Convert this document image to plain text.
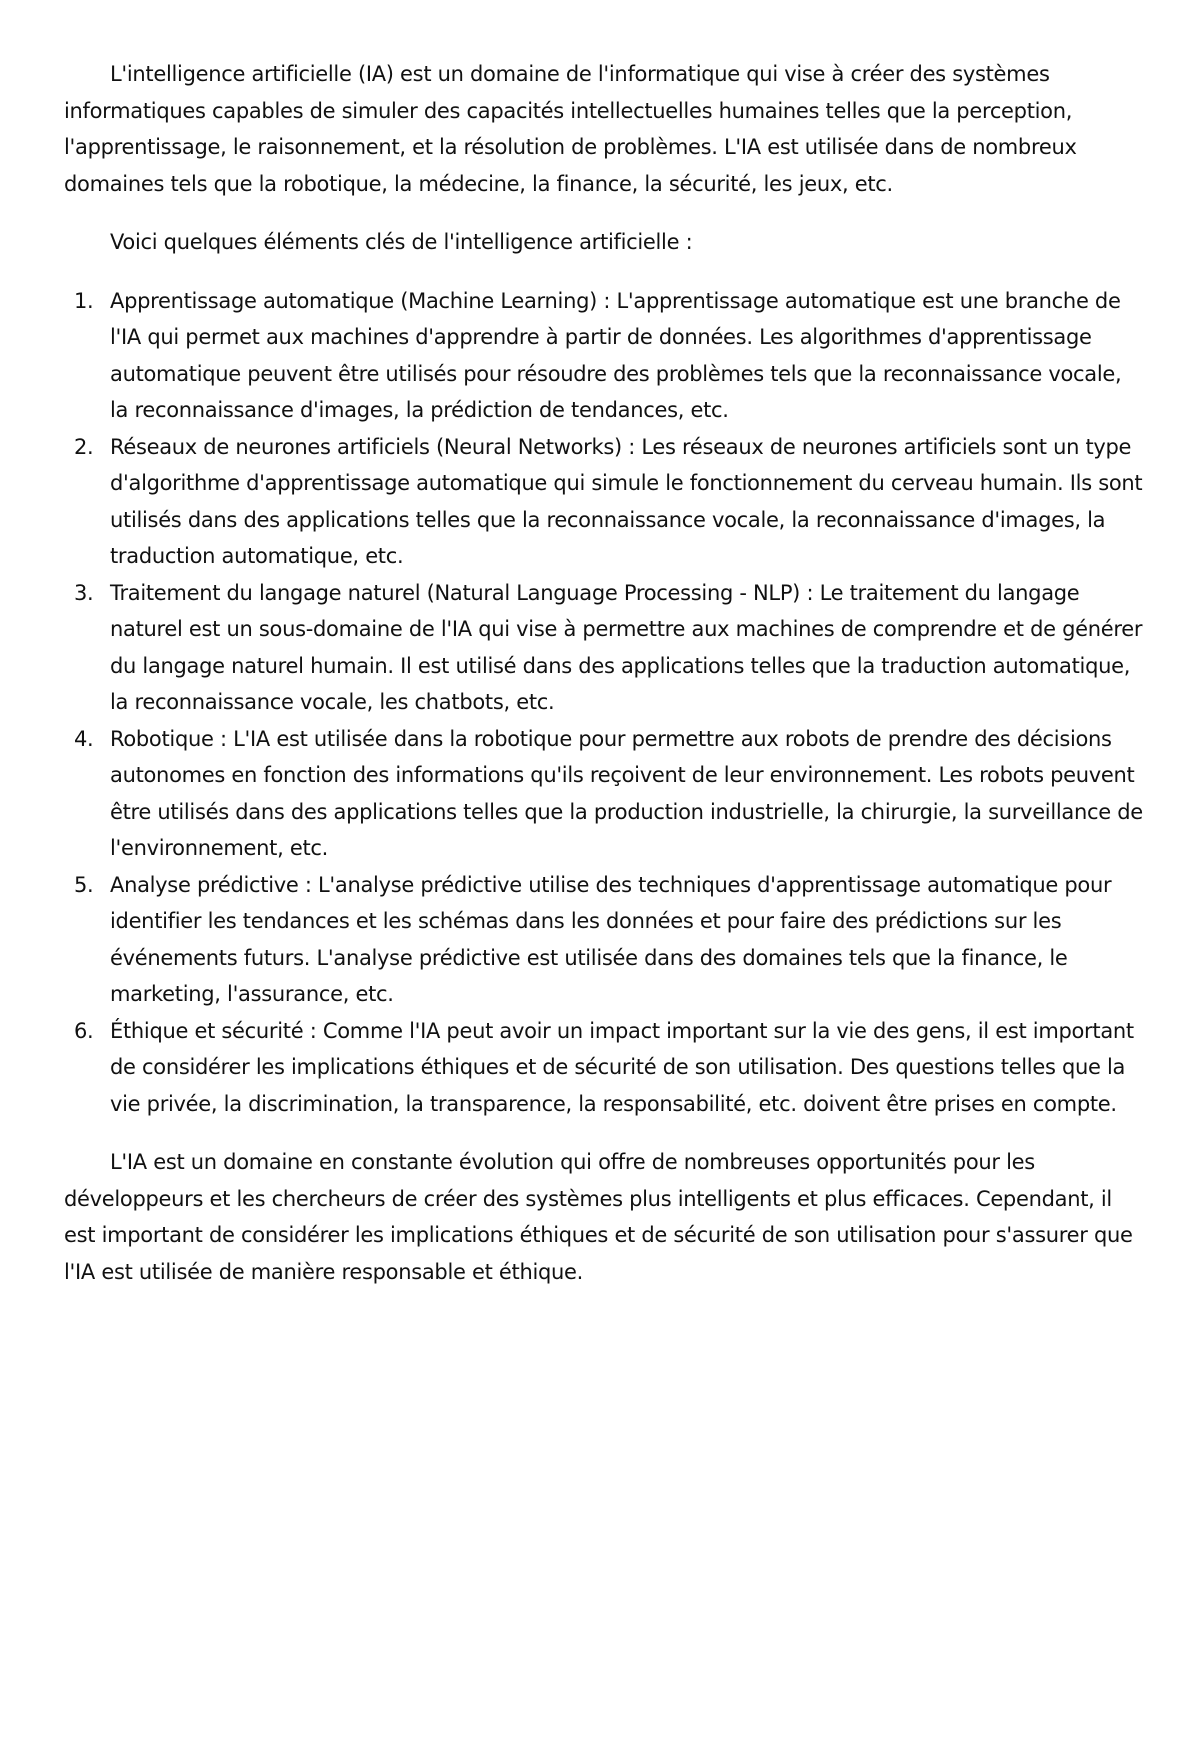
L'intelligence artificielle (IA) est un domaine de l'informatique qui vise à créer des systèmes informatiques capables de simuler des capacités intellectuelles humaines telles que la perception, l'apprentissage, le raisonnement, et la résolution de problèmes. L'IA est utilisée dans de nombreux domaines tels que la robotique, la médecine, la finance, la sécurité, les jeux, etc.

Voici quelques éléments clés de l'intelligence artificielle :

1. Apprentissage automatique (Machine Learning) : L'apprentissage automatique est une branche de l'IA qui permet aux machines d'apprendre à partir de données. Les algorithmes d'apprentissage automatique peuvent être utilisés pour résoudre des problèmes tels que la reconnaissance vocale, la reconnaissance d'images, la prédiction de tendances, etc.
2. Réseaux de neurones artificiels (Neural Networks) : Les réseaux de neurones artificiels sont un type d'algorithme d'apprentissage automatique qui simule le fonctionnement du cerveau humain. Ils sont utilisés dans des applications telles que la reconnaissance vocale, la reconnaissance d'images, la traduction automatique, etc.
3. Traitement du langage naturel (Natural Language Processing - NLP) : Le traitement du langage naturel est un sous-domaine de l'IA qui vise à permettre aux machines de comprendre et de générer du langage naturel humain. Il est utilisé dans des applications telles que la traduction automatique, la reconnaissance vocale, les chatbots, etc.
4. Robotique : L'IA est utilisée dans la robotique pour permettre aux robots de prendre des décisions autonomes en fonction des informations qu'ils reçoivent de leur environnement. Les robots peuvent être utilisés dans des applications telles que la production industrielle, la chirurgie, la surveillance de l'environnement, etc.
5. Analyse prédictive : L'analyse prédictive utilise des techniques d'apprentissage automatique pour identifier les tendances et les schémas dans les données et pour faire des prédictions sur les événements futurs. L'analyse prédictive est utilisée dans des domaines tels que la finance, le marketing, l'assurance, etc.
6. Éthique et sécurité : Comme l'IA peut avoir un impact important sur la vie des gens, il est important de considérer les implications éthiques et de sécurité de son utilisation. Des questions telles que la vie privée, la discrimination, la transparence, la responsabilité, etc. doivent être prises en compte.

L'IA est un domaine en constante évolution qui offre de nombreuses opportunités pour les développeurs et les chercheurs de créer des systèmes plus intelligents et plus efficaces. Cependant, il est important de considérer les implications éthiques et de sécurité de son utilisation pour s'assurer que l'IA est utilisée de manière responsable et éthique.
